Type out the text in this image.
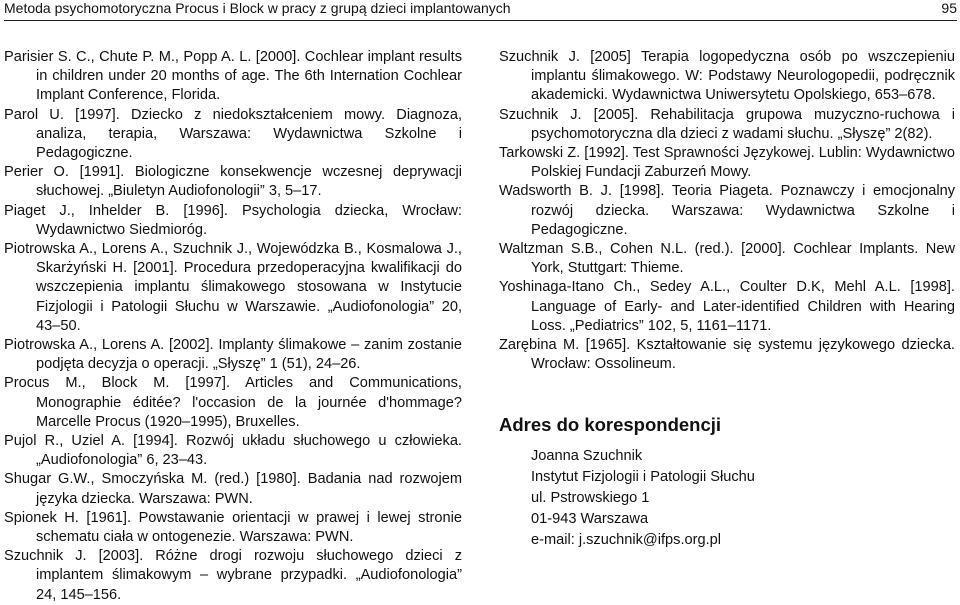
Metoda psychomotoryczna Procus i Block w pracy z grupą dzieci implantowanych	95

Parisier S. C., Chute P. M., Popp A. L. [2000]. Cochlear implant results in children under 20 months of age. The 6th Internation Cochlear Implant Conference, Florida.

Parol U. [1997]. Dziecko z niedokształceniem mowy. Diagnoza, analiza, terapia, Warszawa: Wydawnictwa Szkolne i Pedagogiczne.

Perier O. [1991]. Biologiczne konsekwencje wczesnej deprywacji słuchowej. „Biuletyn Audiofonologii” 3, 5–17.

Piaget J., Inhelder B. [1996]. Psychologia dziecka, Wrocław: Wydawnictwo Siedmioróg.

Piotrowska A., Lorens A., Szuchnik J., Wojewódzka B., Kosmalowa J., Skarżyński H. [2001]. Procedura przedoperacyjna kwalifikacji do wszczepienia implantu ślimakowego stosowana w Instytucie Fizjologii i Patologii Słuchu w Warszawie. „Audiofonologia” 20, 43–50.

Piotrowska A., Lorens A. [2002]. Implanty ślimakowe – zanim zostanie podjęta decyzja o operacji. „Słyszę” 1 (51), 24–26.

Procus M., Block M. [1997]. Articles and Communications, Monographie éditée? l'occasion de la journée d'hommage? Marcelle Procus (1920–1995), Bruxelles.

Pujol R., Uziel A. [1994]. Rozwój układu słuchowego u człowieka. „Audiofonologia” 6, 23–43.

Shugar G.W., Smoczyńska M. (red.) [1980]. Badania nad rozwojem języka dziecka. Warszawa: PWN.

Spionek H. [1961]. Powstawanie orientacji w prawej i lewej stronie schematu ciała w ontogenezie. Warszawa: PWN.

Szuchnik J. [2003]. Różne drogi rozwoju słuchowego dzieci z implantem ślimakowym – wybrane przypadki. „Audiofonologia” 24, 145–156.

Szuchnik J. [2005] Terapia logopedyczna osób po wszczepieniu implantu ślimakowego. W: Podstawy Neurologopedii, podręcznik akademicki. Wydawnictwa Uniwersytetu Opolskiego, 653–678.

Szuchnik J. [2005]. Rehabilitacja grupowa muzyczno-ruchowa i psychomotoryczna dla dzieci z wadami słuchu. „Słyszę” 2(82).

Tarkowski Z. [1992]. Test Sprawności Językowej. Lublin: Wydawnictwo Polskiej Fundacji Zaburzeń Mowy.

Wadsworth B. J. [1998]. Teoria Piageta. Poznawczy i emocjonalny rozwój dziecka. Warszawa: Wydawnictwa Szkolne i Pedagogiczne.

Waltzman S.B., Cohen N.L. (red.). [2000]. Cochlear Implants. New York, Stuttgart: Thieme.

Yoshinaga-Itano Ch., Sedey A.L., Coulter D.K, Mehl A.L. [1998]. Language of Early- and Later-identified Children with Hearing Loss. „Pediatrics” 102, 5, 1161–1171.

Zarębina M. [1965]. Kształtowanie się systemu językowego dziecka. Wrocław: Ossolineum.

Adres do korespondencji
Joanna Szuchnik
Instytut Fizjologii i Patologii Słuchu
ul. Pstrowskiego 1
01-943 Warszawa
e-mail: j.szuchnik@ifps.org.pl
